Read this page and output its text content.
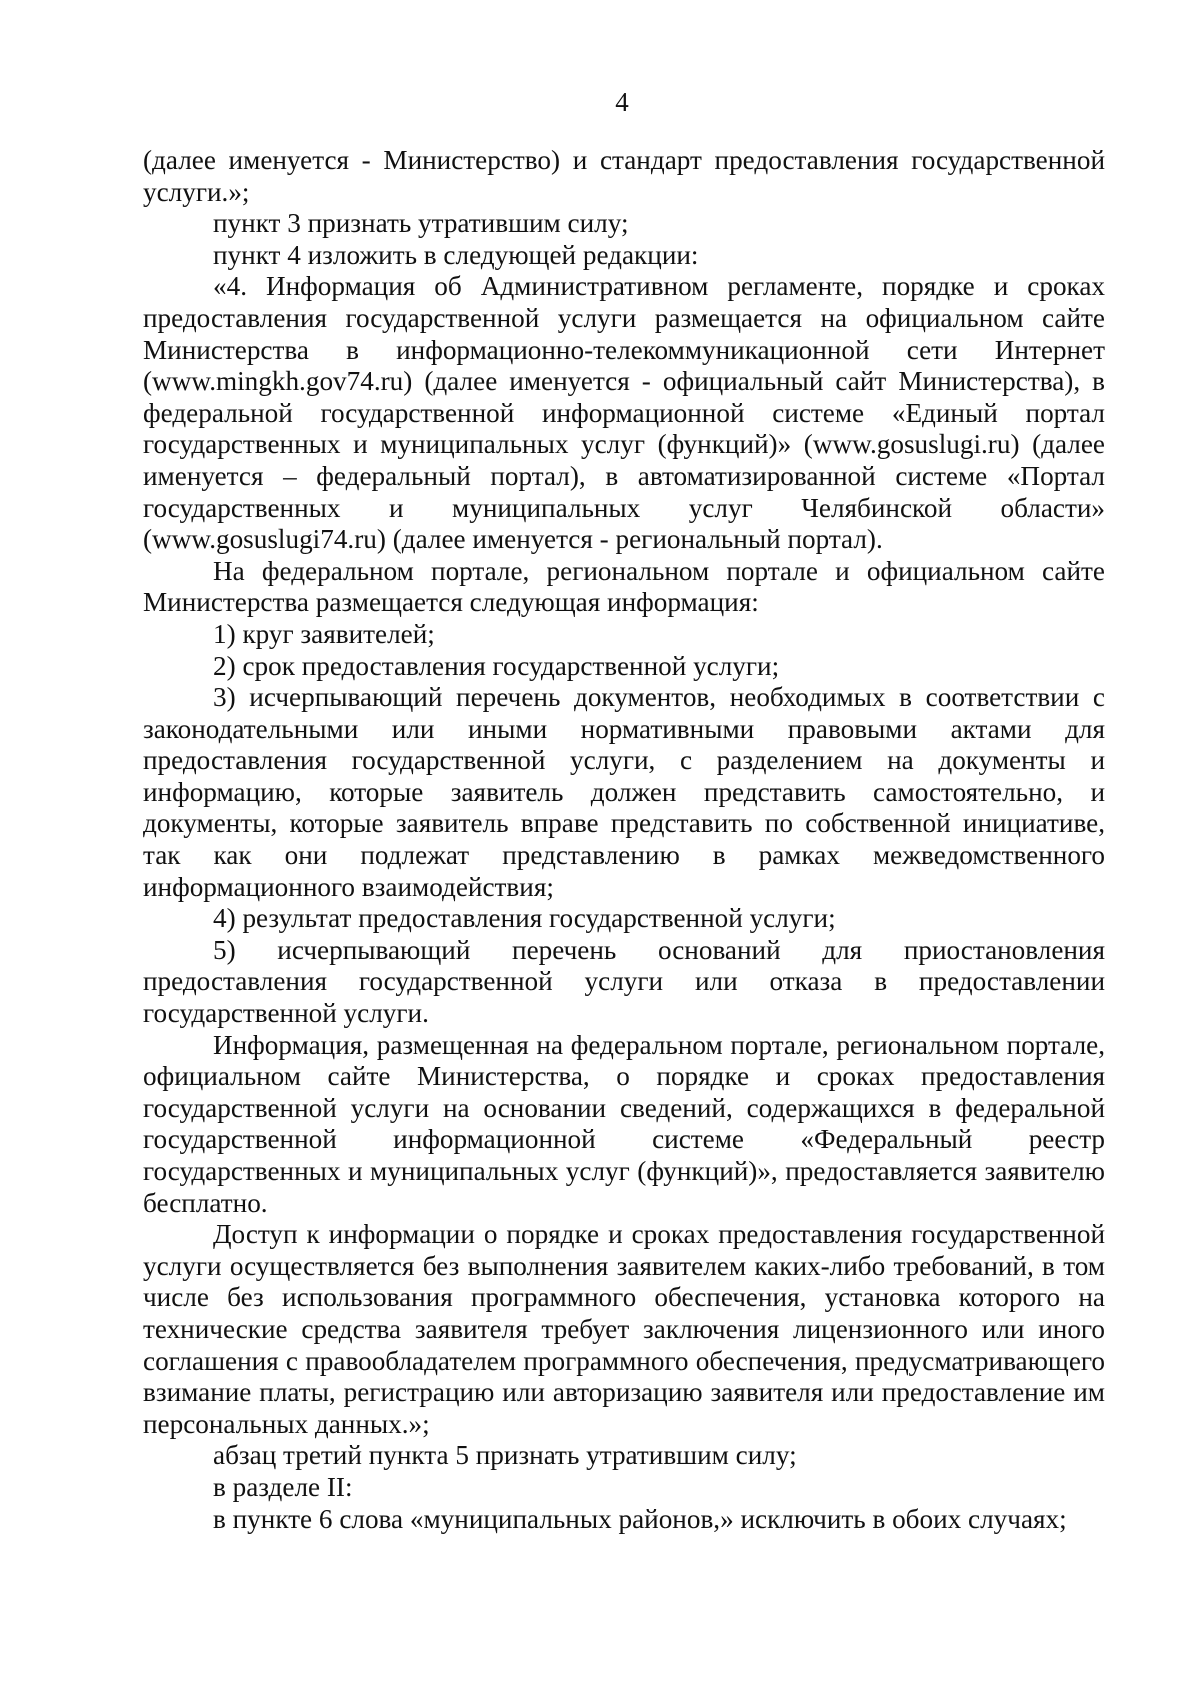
4

(далее именуется - Министерство) и стандарт предоставления государственной услуги.»;

пункт 3 признать утратившим силу;

пункт 4 изложить в следующей редакции:

«4. Информация об Административном регламенте, порядке и сроках предоставления государственной услуги размещается на официальном сайте Министерства в информационно-телекоммуникационной сети Интернет (www.mingkh.gov74.ru) (далее именуется - официальный сайт Министерства), в федеральной государственной информационной системе «Единый портал государственных и муниципальных услуг (функций)» (www.gosuslugi.ru) (далее именуется – федеральный портал), в автоматизированной системе «Портал государственных и муниципальных услуг Челябинской области» (www.gosuslugi74.ru) (далее именуется - региональный портал).

На федеральном портале, региональном портале и официальном сайте Министерства размещается следующая информация:

1) круг заявителей;

2) срок предоставления государственной услуги;

3) исчерпывающий перечень документов, необходимых в соответствии с законодательными или иными нормативными правовыми актами для предоставления государственной услуги, с разделением на документы и информацию, которые заявитель должен представить самостоятельно, и документы, которые заявитель вправе представить по собственной инициативе, так как они подлежат представлению в рамках межведомственного информационного взаимодействия;

4) результат предоставления государственной услуги;

5) исчерпывающий перечень оснований для приостановления предоставления государственной услуги или отказа в предоставлении государственной услуги.

Информация, размещенная на федеральном портале, региональном портале, официальном сайте Министерства, о порядке и сроках предоставления государственной услуги на основании сведений, содержащихся в федеральной государственной информационной системе «Федеральный реестр государственных и муниципальных услуг (функций)», предоставляется заявителю бесплатно.

Доступ к информации о порядке и сроках предоставления государственной услуги осуществляется без выполнения заявителем каких-либо требований, в том числе без использования программного обеспечения, установка которого на технические средства заявителя требует заключения лицензионного или иного соглашения с правообладателем программного обеспечения, предусматривающего взимание платы, регистрацию или авторизацию заявителя или предоставление им персональных данных.»;

абзац третий пункта 5 признать утратившим силу;

в разделе II:

в пункте 6 слова «муниципальных районов,» исключить в обоих случаях;
